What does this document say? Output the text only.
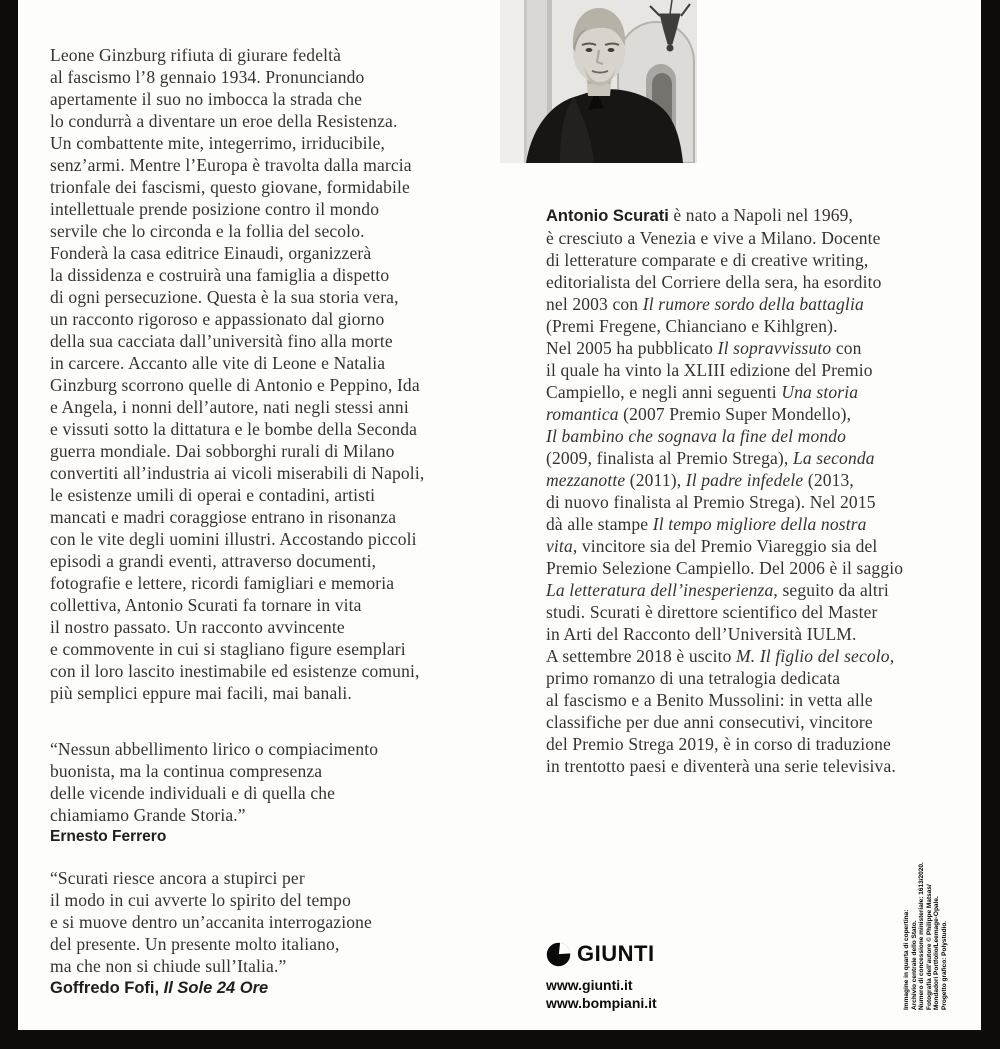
Leone Ginzburg rifiuta di giurare fedeltà
al fascismo l’8 gennaio 1934. Pronunciando
apertamente il suo no imbocca la strada che
lo condurrà a diventare un eroe della Resistenza.
Un combattente mite, integerrimo, irriducibile,
senz’armi. Mentre l’Europa è travolta dalla marcia
trionfale dei fascismi, questo giovane, formidabile
intellettuale prende posizione contro il mondo
servile che lo circonda e la follia del secolo.
Fonderà la casa editrice Einaudi, organizzerà
la dissidenza e costruirà una famiglia a dispetto
di ogni persecuzione. Questa è la sua storia vera,
un racconto rigoroso e appassionato dal giorno
della sua cacciata dall’università fino alla morte
in carcere. Accanto alle vite di Leone e Natalia
Ginzburg scorrono quelle di Antonio e Peppino, Ida
e Angela, i nonni dell’autore, nati negli stessi anni
e vissuti sotto la dittatura e le bombe della Seconda
guerra mondiale. Dai sobborghi rurali di Milano
convertiti all’industria ai vicoli miserabili di Napoli,
le esistenze umili di operai e contadini, artisti
mancati e madri coraggiose entrano in risonanza
con le vite degli uomini illustri. Accostando piccoli
episodi a grandi eventi, attraverso documenti,
fotografie e lettere, ricordi famigliari e memoria
collettiva, Antonio Scurati fa tornare in vita
il nostro passato. Un racconto avvincente
e commovente in cui si stagliano figure esemplari
con il loro lascito inestimabile ed esistenze comuni,
più semplici eppure mai facili, mai banali.
“Nessun abbellimento lirico o compiacimento
buonista, ma la continua compresenza
delle vicende individuali e di quella che
chiamiamo Grande Storia.”
Ernesto Ferrero
“Scurati riesce ancora a stupirci per
il modo in cui avverte lo spirito del tempo
e si muove dentro un’accanita interrogazione
del presente. Un presente molto italiano,
ma che non si chiude sull’Italia.”
Goffredo Fofi, Il Sole 24 Ore
Antonio Scurati è nato a Napoli nel 1969,
è cresciuto a Venezia e vive a Milano. Docente
di letterature comparate e di creative writing,
editorialista del Corriere della sera, ha esordito
nel 2003 con Il rumore sordo della battaglia
(Premi Fregene, Chianciano e Kihlgren).
Nel 2005 ha pubblicato Il sopravvissuto con
il quale ha vinto la XLIII edizione del Premio
Campiello, e negli anni seguenti Una storia
romantica (2007 Premio Super Mondello),
Il bambino che sognava la fine del mondo
(2009, finalista al Premio Strega), La seconda
mezzanotte (2011), Il padre infedele (2013,
di nuovo finalista al Premio Strega). Nel 2015
dà alle stampe Il tempo migliore della nostra
vita, vincitore sia del Premio Viareggio sia del
Premio Selezione Campiello. Del 2006 è il saggio
La letteratura dell’inesperienza, seguito da altri
studi. Scurati è direttore scientifico del Master
in Arti del Racconto dell’Università IULM.
A settembre 2018 è uscito M. Il figlio del secolo,
primo romanzo di una tetralogia dedicata
al fascismo e a Benito Mussolini: in vetta alle
classifiche per due anni consecutivi, vincitore
del Premio Strega 2019, è in corso di traduzione
in trentotto paesi e diventerà una serie televisiva.
GIUNTI
www.giunti.it
www.bompiani.it	Immagine in quarta di copertina: Archivio centrale dello Stato. Numero di concessione ministeriale: 1613/2020. Fotografia dell’autore © Philippe Matsas/ Mondadori Portfolio/Leemage-Opale. Progetto grafico: Polystudio.
